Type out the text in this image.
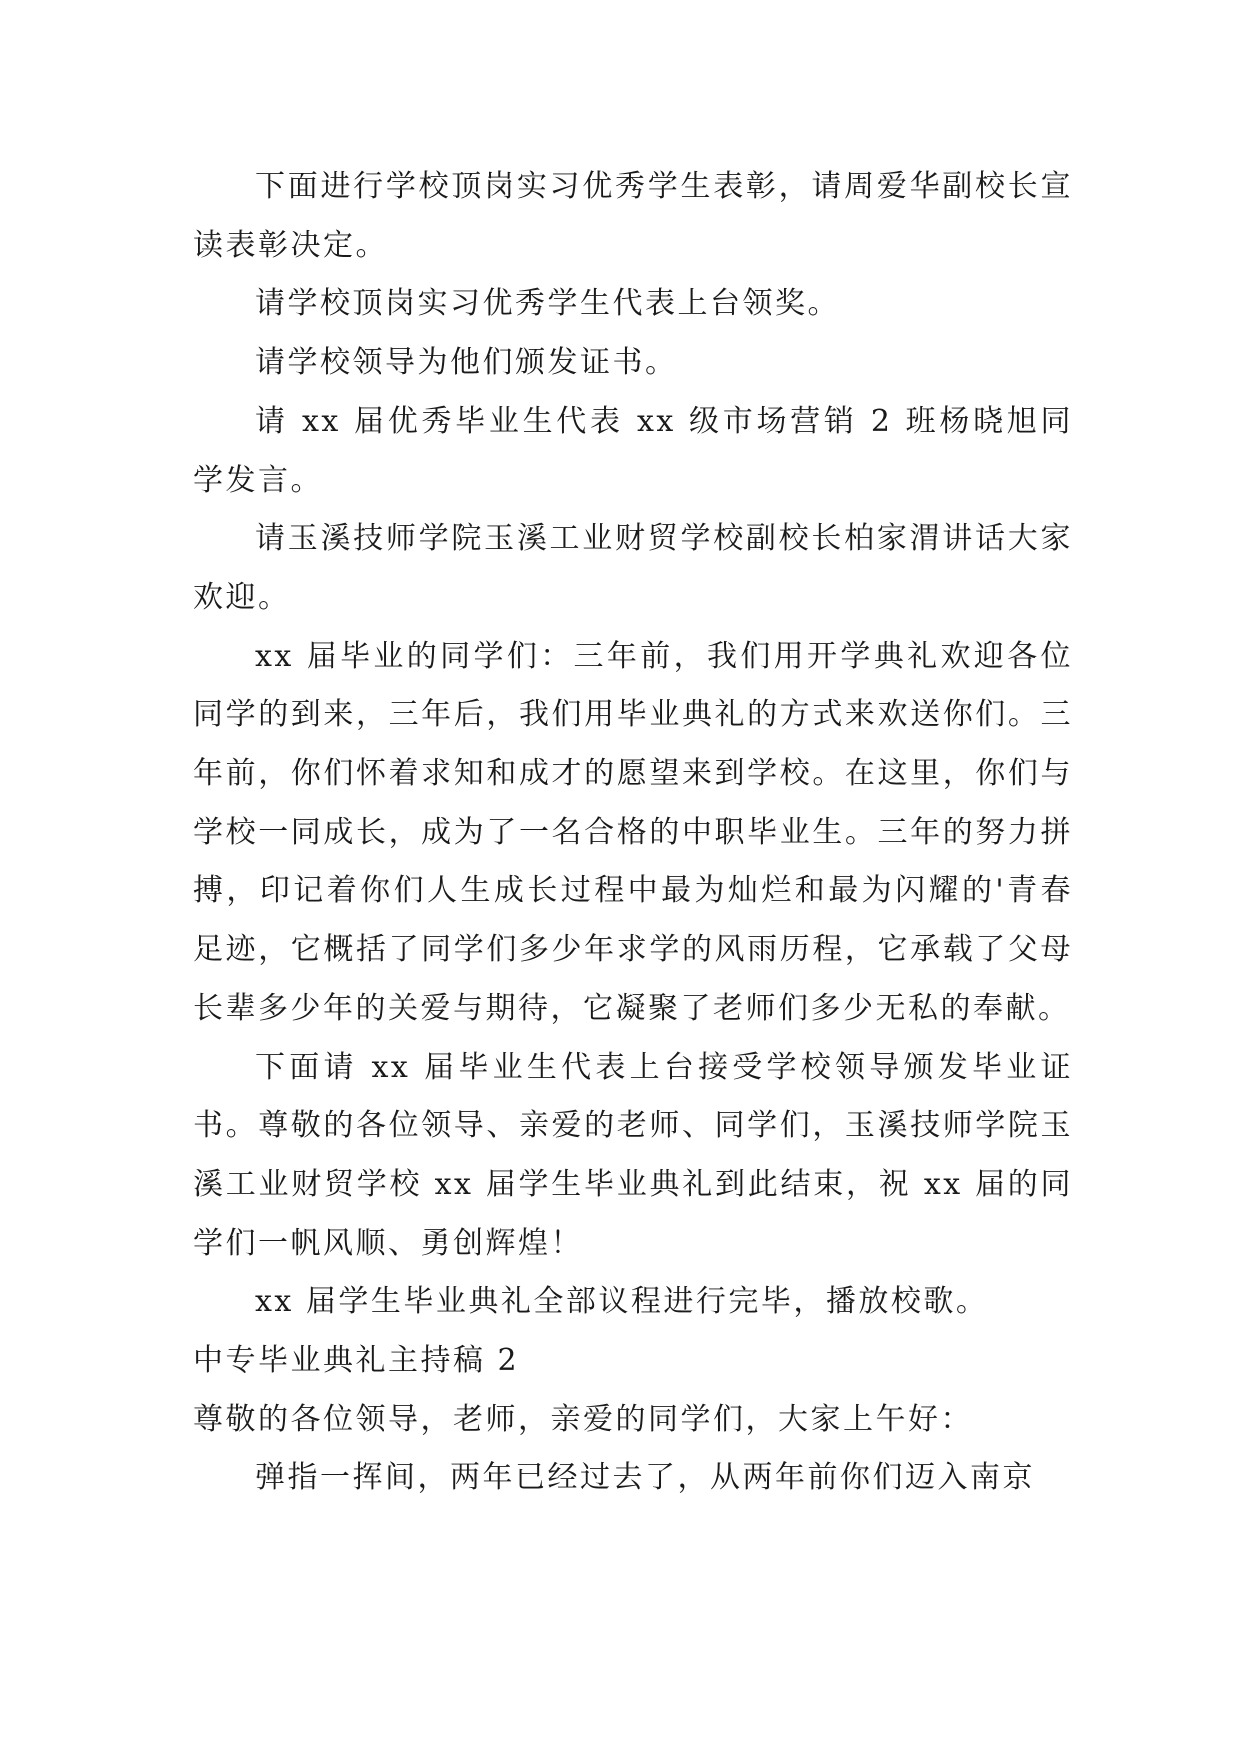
下面进行学校顶岗实习优秀学生表彰，请周爱华副校长宣读表彰决定。

请学校顶岗实习优秀学生代表上台领奖。

请学校领导为他们颁发证书。

请 xx 届优秀毕业生代表 xx 级市场营销 2 班杨晓旭同学发言。

请玉溪技师学院玉溪工业财贸学校副校长柏家渭讲话大家欢迎。

xx 届毕业的同学们：三年前，我们用开学典礼欢迎各位同学的到来，三年后，我们用毕业典礼的方式来欢送你们。三年前，你们怀着求知和成才的愿望来到学校。在这里，你们与学校一同成长，成为了一名合格的中职毕业生。三年的努力拼搏，印记着你们人生成长过程中最为灿烂和最为闪耀的'青春足迹，它概括了同学们多少年求学的风雨历程，它承载了父母长辈多少年的关爱与期待，它凝聚了老师们多少无私的奉献。

下面请 xx 届毕业生代表上台接受学校领导颁发毕业证书。尊敬的各位领导、亲爱的老师、同学们，玉溪技师学院玉溪工业财贸学校 xx 届学生毕业典礼到此结束，祝 xx 届的同学们一帆风顺、勇创辉煌！

xx 届学生毕业典礼全部议程进行完毕，播放校歌。

中专毕业典礼主持稿 2

尊敬的各位领导，老师，亲爱的同学们，大家上午好：

弹指一挥间，两年已经过去了，从两年前你们迈入南京
